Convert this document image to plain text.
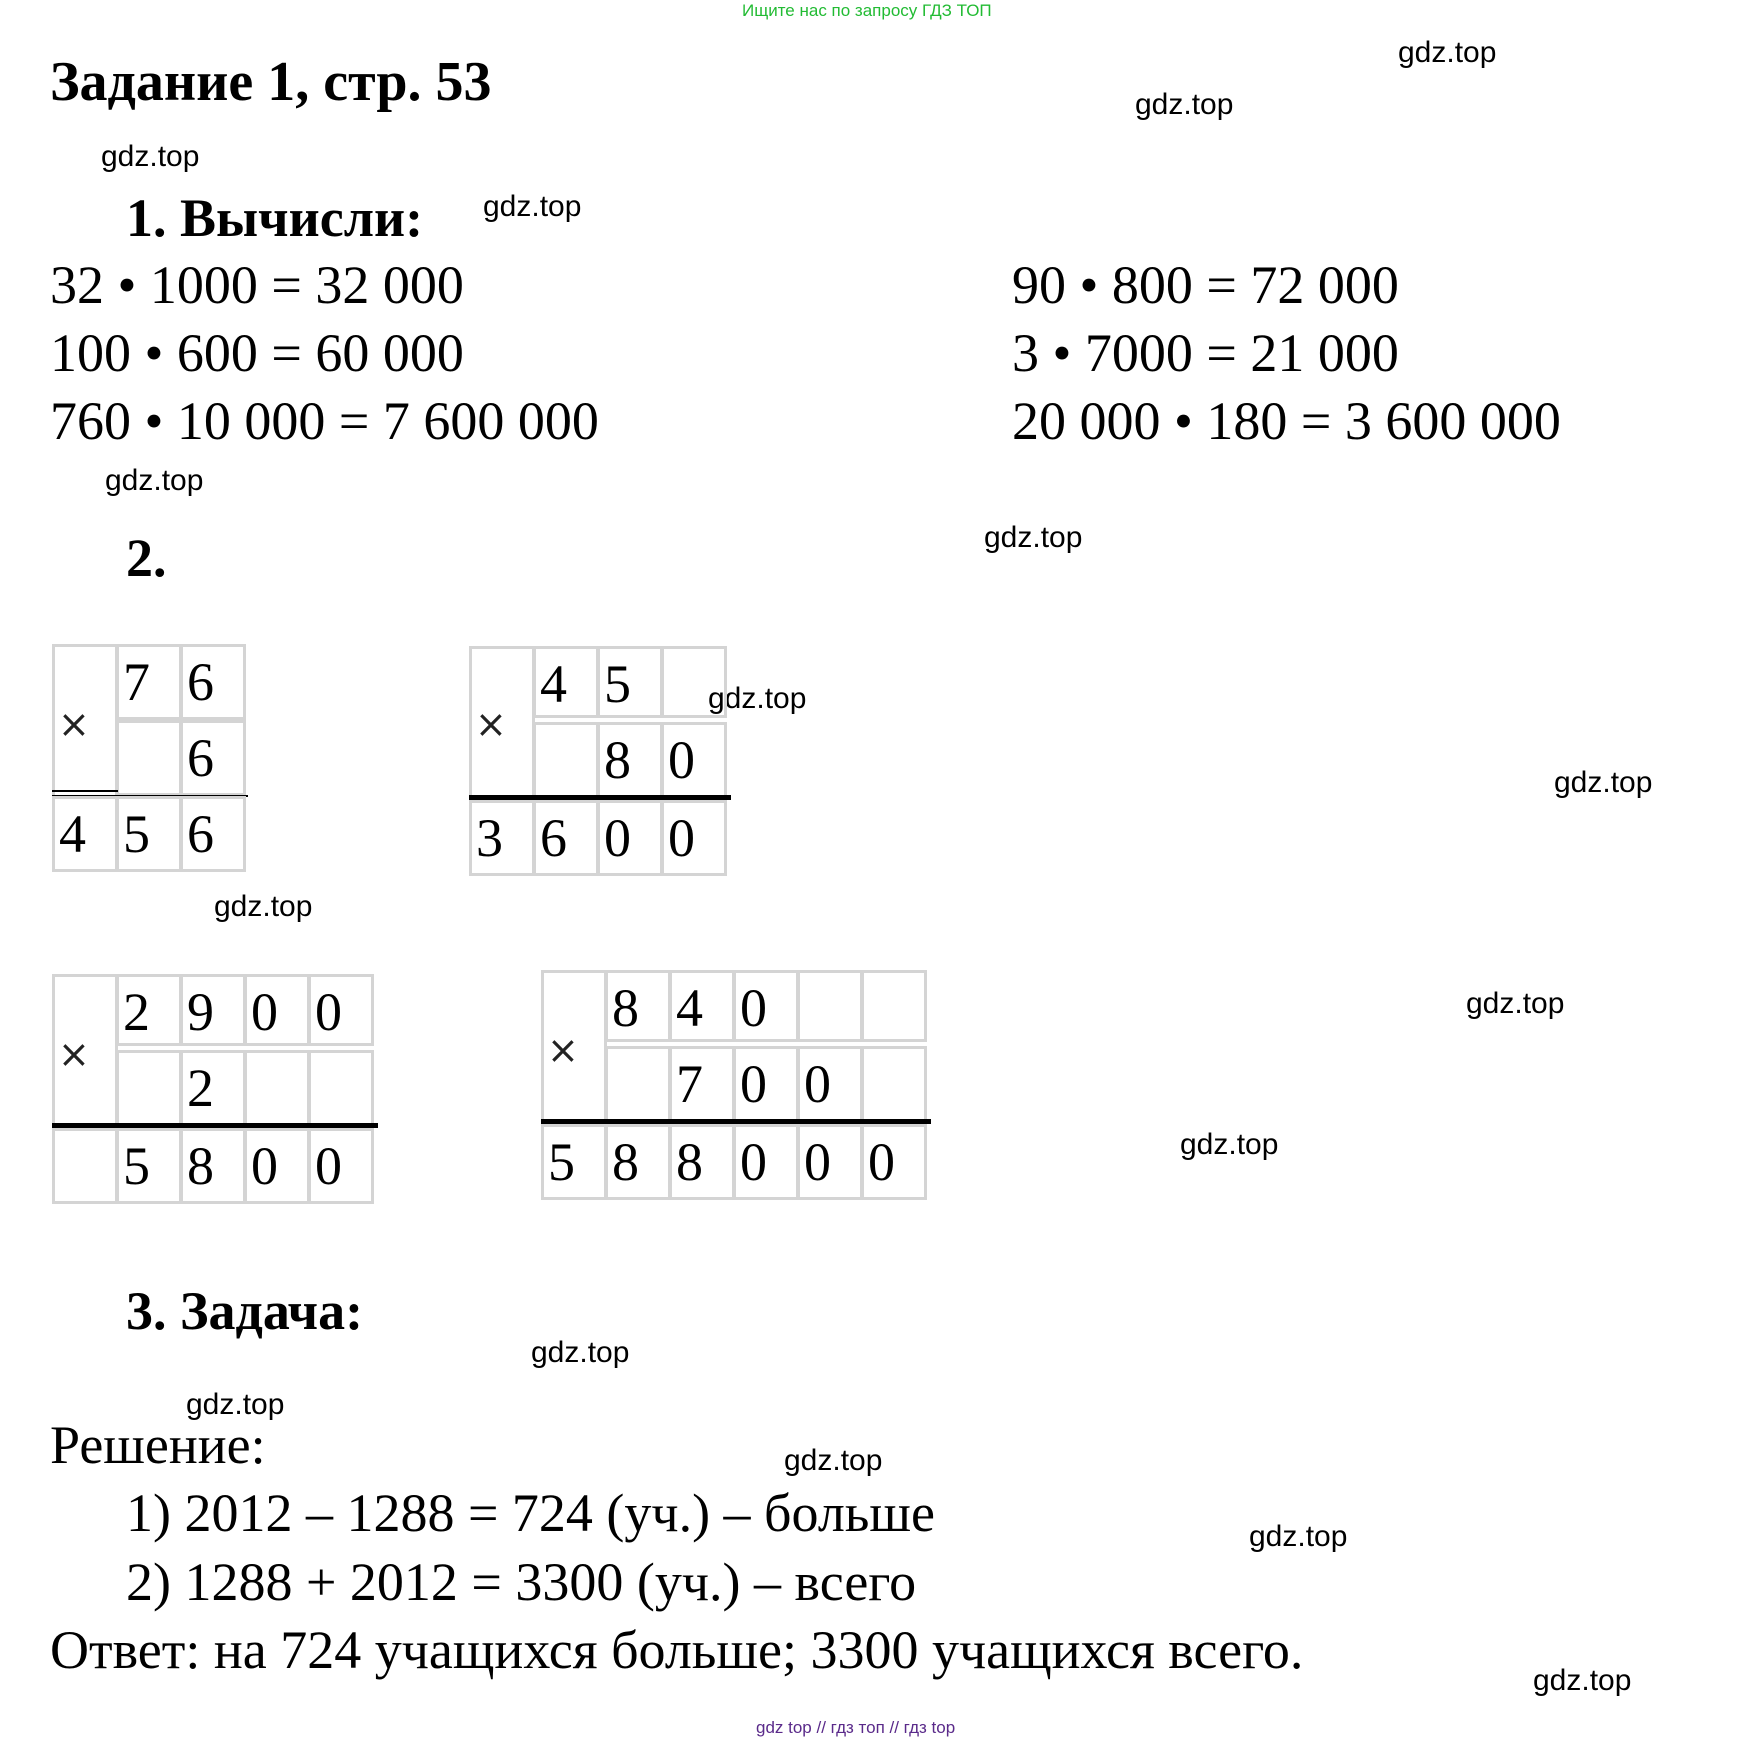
Ищите нас по запросу ГДЗ ТОП
Задание 1, стр. 53	gdz.top
gdz.top
gdz.top
gdz.top
gdz.top
gdz.top
gdz.top
gdz.top
gdz.top
gdz.top
gdz.top
gdz.top
gdz.top
gdz.top
gdz.top
gdz.top
1. Вычисли:
32 • 1000 = 32 000
100 • 600 = 60 000
760 • 10 000 = 7 600 000
90 • 800 = 72 000
3 • 7000 = 21 000
20 000 • 180 = 3 600 000
2.
×
7 6
6
4 5 6
×
4 5
8 0
3 6 0 0
×
2 9 0 0
2
5 8 0 0
×
8 4 0
7 0 0
5 8 8 0 0 0
3. Задача:
Решение:
1) 2012 – 1288 = 724 (уч.) – больше
2) 1288 + 2012 = 3300 (уч.) – всего
Ответ: на 724 учащихся больше; 3300 учащихся всего.
gdz top // гдз топ // гдз top
